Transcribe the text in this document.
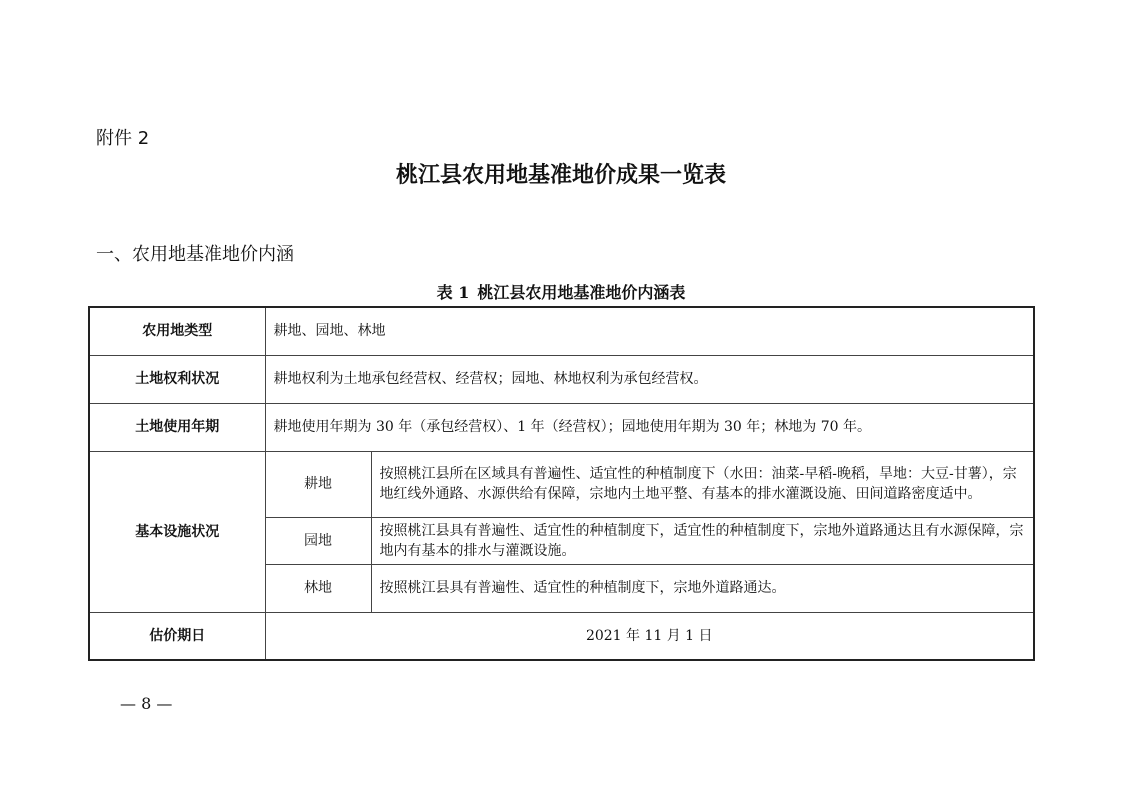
附件 2
桃江县农用地基准地价成果一览表
一、农用地基准地价内涵
表 1 桃江县农用地基准地价内涵表
农用地类型	耕地、园地、林地	
土地权利状况	耕地权利为土地承包经营权、经营权；园地、林地权利为承包经营权。	
土地使用年期	耕地使用年期为 30 年（承包经营权）、1 年（经营权）；园地使用年期为 30 年；林地为 70 年。	
基本设施状况	耕地	按照桃江县所在区域具有普遍性、适宜性的种植制度下（水田：油菜-早稻-晚稻，旱地：大豆-甘薯），宗地红线外通路、水源供给有保障，宗地内土地平整、有基本的排水灌溉设施、田间道路密度适中。
	园地	按照桃江县具有普遍性、适宜性的种植制度下，适宜性的种植制度下，宗地外道路通达且有水源保障，宗地内有基本的排水与灌溉设施。
	林地	按照桃江县具有普遍性、适宜性的种植制度下，宗地外道路通达。
估价期日	2021 年 11 月 1 日	
— 8 —
